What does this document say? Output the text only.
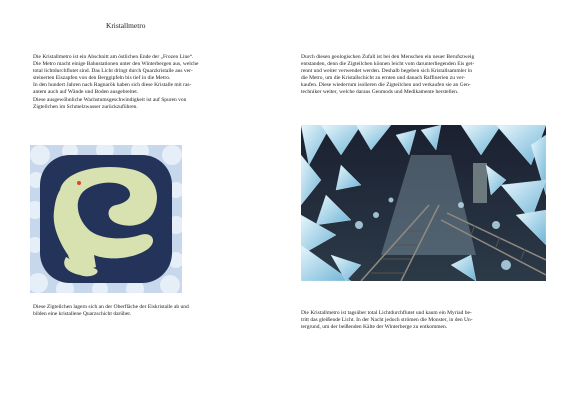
Kristallmetro

Die Kristallmetro ist ein Abschnitt am östlichen Ende der „Frozen Line“.
Die Metro macht einige Bahnstationen unter den Winterbergen aus, welche
total lichtdurchflutet sind. Das Licht dringt durch Quarzkristalle aus ver-
steinerten Eiszapfen von den Berggipfeln bis tief in die Metro.
In den hundert Jahren nach Ragnarök haben sich diese Kristalle mit ras-
antem auch auf Wände und Boden ausgebreitet.
Diese ausgewöhnliche Wachstumsgeschwindigkeit ist auf Spuren von
Zigteilchen im Schmelzwasser zurückzuführen.

Diese Zigteilchen lagern sich an der Oberfläche der Eiskristalle ab und
bilden eine kristallene Quarzschicht darüber.

Durch diesen geologischen Zufall ist bei den Menschen ein neuer Berufszweig
entstanden, denn die Zigteilchen können leicht vom darunterliegenden Eis get-
rennt und weiter verwendet werden. Deshalb begeben sich Kristallsammler in
die Metro, um die Kristallschicht zu ernten und danach Raffinerien zu ver-
kaufen. Diese wiederrum isolieren die Zigteilchen und verkaufen sie an Gen-
techniker weiter, welche daraus Genmods und Medikamente herstellen.

Die Kristallmetro ist tagsüber total Lichtdurchflutet und kaum ein Myriad be-
tritt das gleißende Licht. In der Nacht jedoch strömen die Monster, in den Un-
tergrund, um der beißenden Kälte der Winterberge zu entkommen.
